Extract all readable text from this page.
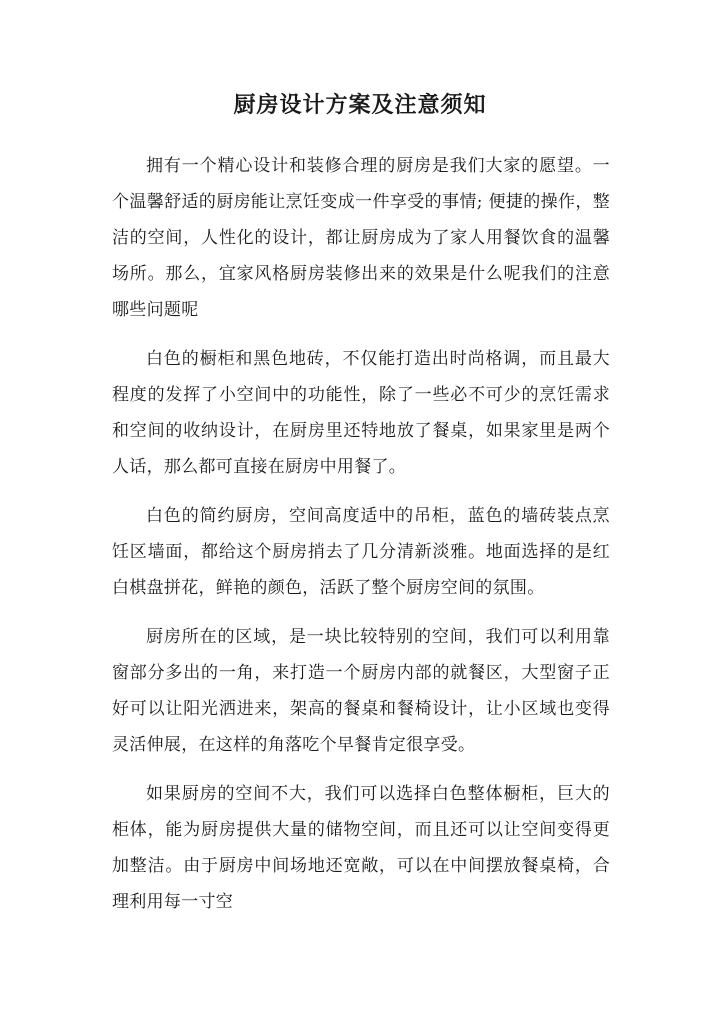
厨房设计方案及注意须知

拥有一个精心设计和装修合理的厨房是我们大家的愿望。一个温馨舒适的厨房能让烹饪变成一件享受的事情; 便捷的操作，整洁的空间，人性化的设计，都让厨房成为了家人用餐饮食的温馨场所。那么，宜家风格厨房装修出来的效果是什么呢我们的注意哪些问题呢

白色的橱柜和黑色地砖，不仅能打造出时尚格调，而且最大程度的发挥了小空间中的功能性，除了一些必不可少的烹饪需求和空间的收纳设计，在厨房里还特地放了餐桌，如果家里是两个人话，那么都可直接在厨房中用餐了。

白色的简约厨房，空间高度适中的吊柜，蓝色的墙砖装点烹饪区墙面，都给这个厨房捎去了几分清新淡雅。地面选择的是红白棋盘拼花，鲜艳的颜色，活跃了整个厨房空间的氛围。

厨房所在的区域，是一块比较特别的空间，我们可以利用靠窗部分多出的一角，来打造一个厨房内部的就餐区，大型窗子正好可以让阳光洒进来，架高的餐桌和餐椅设计，让小区域也变得灵活伸展，在这样的角落吃个早餐肯定很享受。

如果厨房的空间不大，我们可以选择白色整体橱柜，巨大的柜体，能为厨房提供大量的储物空间，而且还可以让空间变得更加整洁。由于厨房中间场地还宽敞，可以在中间摆放餐桌椅，合理利用每一寸空
